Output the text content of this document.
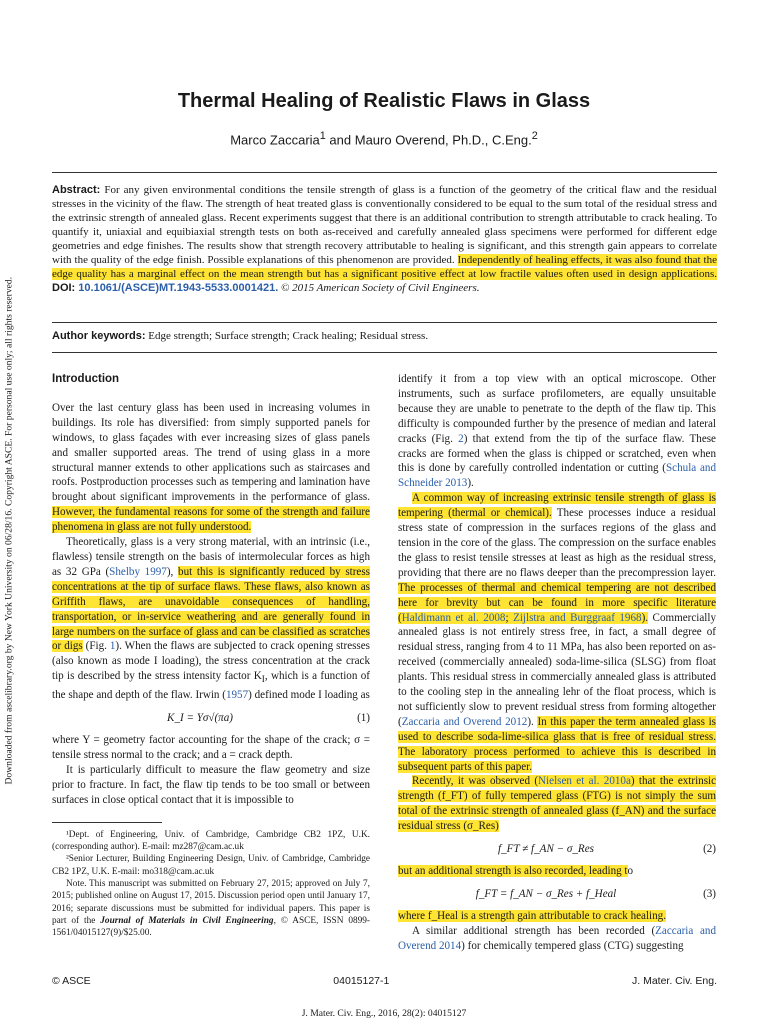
Downloaded from ascelibrary.org by New York University on 06/28/16. Copyright ASCE. For personal use only; all rights reserved.
Thermal Healing of Realistic Flaws in Glass
Marco Zaccaria$^1$ and Mauro Overend, Ph.D., C.Eng.$^2$

Abstract: For any given environmental conditions the tensile strength of glass is a function of the geometry of the critical flaw and the residual stresses in the vicinity of the flaw. The strength of heat treated glass is conventionally considered to be equal to the sum total of the residual stress and the extrinsic strength of annealed glass. Recent experiments suggest that there is an additional contribution to strength attributable to crack healing. To quantify it, uniaxial and equibiaxial strength tests on both as-received and carefully annealed glass specimens were performed for different edge geometries and edge finishes. The results show that strength recovery attributable to healing is significant, and this strength gain appears to correlate with the quality of the edge finish. Possible explanations of this phenomenon are provided. Independently of healing effects, it was also found that the edge quality has a marginal effect on the mean strength but has a significant positive effect at low fractile values often used in design applications. DOI: 10.1061/(ASCE)MT.1943-5533.0001421. © 2015 American Society of Civil Engineers.

Author keywords: Edge strength; Surface strength; Crack healing; Residual stress.

Introduction

Over the last century glass has been used in increasing volumes in buildings. Its role has diversified: from simply supported panels for windows, to glass façades with ever increasing sizes of glass panels and smaller supported areas. The trend of using glass in a more structural manner extends to other applications such as staircases and roofs. Postproduction processes such as tempering and lamination have brought about significant improvements in the performance of glass. However, the fundamental reasons for some of the strength and failure phenomena in glass are not fully understood.

Theoretically, glass is a very strong material, with an intrinsic (i.e., flawless) tensile strength on the basis of intermolecular forces as high as 32 GPa (Shelby 1997), but this is significantly reduced by stress concentrations at the tip of surface flaws. These flaws, also known as Griffith flaws, are unavoidable consequences of handling, transportation, or in-service weathering and are generally found in large numbers on the surface of glass and can be classified as scratches or digs (Fig. 1). When the flaws are subjected to crack opening stresses (also known as mode I loading), the stress concentration at the crack tip is described by the stress intensity factor $K_I$, which is a function of the shape and depth of the flaw. Irwin (1957) defined mode I loading as

K_I = Yσ√(πa)	(1)

where Y = geometry factor accounting for the shape of the crack; σ = tensile stress normal to the crack; and a = crack depth.

It is particularly difficult to measure the flaw geometry and size prior to fracture. In fact, the flaw tip tends to be too small or between surfaces in close optical contact that it is impossible to

¹Dept. of Engineering, Univ. of Cambridge, Cambridge CB2 1PZ, U.K. (corresponding author). E-mail: mz287@cam.ac.uk

²Senior Lecturer, Building Engineering Design, Univ. of Cambridge, Cambridge CB2 1PZ, U.K. E-mail: mo318@cam.ac.uk

Note. This manuscript was submitted on February 27, 2015; approved on July 7, 2015; published online on August 17, 2015. Discussion period open until January 17, 2016; separate discussions must be submitted for individual papers. This paper is part of the Journal of Materials in Civil Engineering, © ASCE, ISSN 0899-1561/04015127(9)/$25.00.

identify it from a top view with an optical microscope. Other instruments, such as surface profilometers, are equally unsuitable because they are unable to penetrate to the depth of the flaw tip. This difficulty is compounded further by the presence of median and lateral cracks (Fig. 2) that extend from the tip of the surface flaw. These cracks are formed when the glass is chipped or scratched, even when this is done by carefully controlled indentation or cutting (Schula and Schneider 2013).

A common way of increasing extrinsic tensile strength of glass is tempering (thermal or chemical). These processes induce a residual stress state of compression in the surfaces regions of the glass and tension in the core of the glass. The compression on the surface enables the glass to resist tensile stresses at least as high as the residual stress, providing that there are no flaws deeper than the precompression layer. The processes of thermal and chemical tempering are not described here for brevity but can be found in more specific literature (Haldimann et al. 2008; Zijlstra and Burggraaf 1968). Commercially annealed glass is not entirely stress free, in fact, a small degree of residual stress, ranging from 4 to 11 MPa, has also been reported on as-received (commercially annealed) soda-lime-silica (SLSG) from float plants. This residual stress in commercially annealed glass is attributed to the cooling step in the annealing lehr of the float process, which is not sufficiently slow to prevent residual stress from forming altogether (Zaccaria and Overend 2012). In this paper the term annealed glass is used to describe soda-lime-silica glass that is free of residual stress. The laboratory process performed to achieve this is described in subsequent parts of this paper.

Recently, it was observed (Nielsen et al. 2010a) that the extrinsic strength (f_FT) of fully tempered glass (FTG) is not simply the sum total of the extrinsic strength of annealed glass (f_AN) and the surface residual stress (σ_Res)

f_FT ≠ f_AN − σ_Res	(2)

but an additional strength is also recorded, leading to

f_FT = f_AN − σ_Res + f_Heal	(3)

where f_Heal is a strength gain attributable to crack healing.

A similar additional strength has been recorded (Zaccaria and Overend 2014) for chemically tempered glass (CTG) suggesting

© ASCE	04015127-1	J. Mater. Civ. Eng.
J. Mater. Civ. Eng., 2016, 28(2): 04015127
